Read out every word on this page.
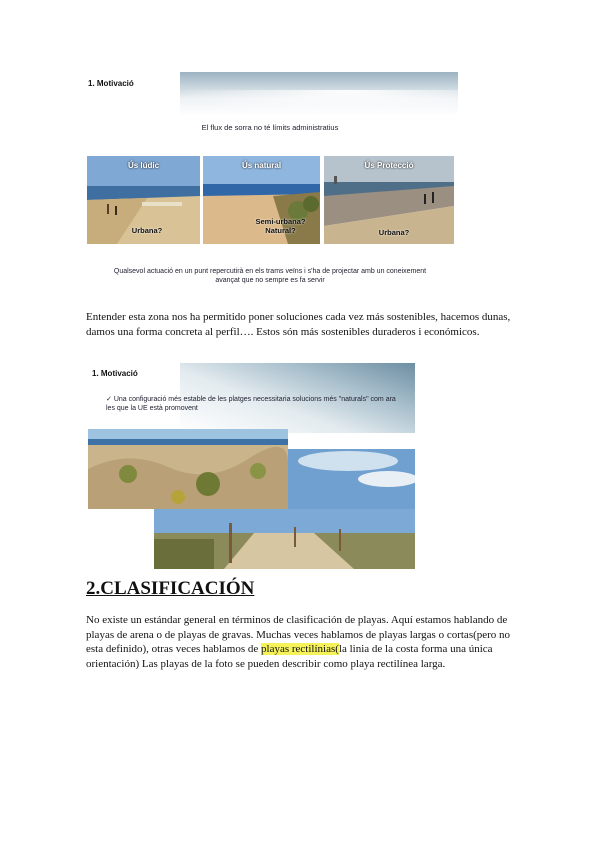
1. Motivació
El flux de sorra no té límits administratius
Ús lúdic
Urbana?
Ús natural
Semi-urbana?
Natural?
Ús Protecció
Urbana?
Qualsevol actuació en un punt repercutirà en els trams veïns i s'ha de projectar amb un coneixement avançat que no sempre es fa servir
Entender esta zona nos ha permitido poner soluciones cada vez más sostenibles, hacemos dunas, damos una forma concreta al perfil…. Estos són más sostenibles duraderos i económicos.
1. Motivació
✓ Una configuració més estable de les platges necessitaria solucions més "naturals" com ara les que la UE està promovent
2.CLASIFICACIÓN
No existe un estándar general en términos de clasificación de playas. Aquí estamos hablando de playas de arena o de playas de gravas. Muchas veces hablamos de playas largas o cortas(pero no esta definido), otras veces hablamos de playas rectilínias(la linia de la costa forma una única orientación) Las playas de la foto se pueden describir como playa rectilínea larga.
